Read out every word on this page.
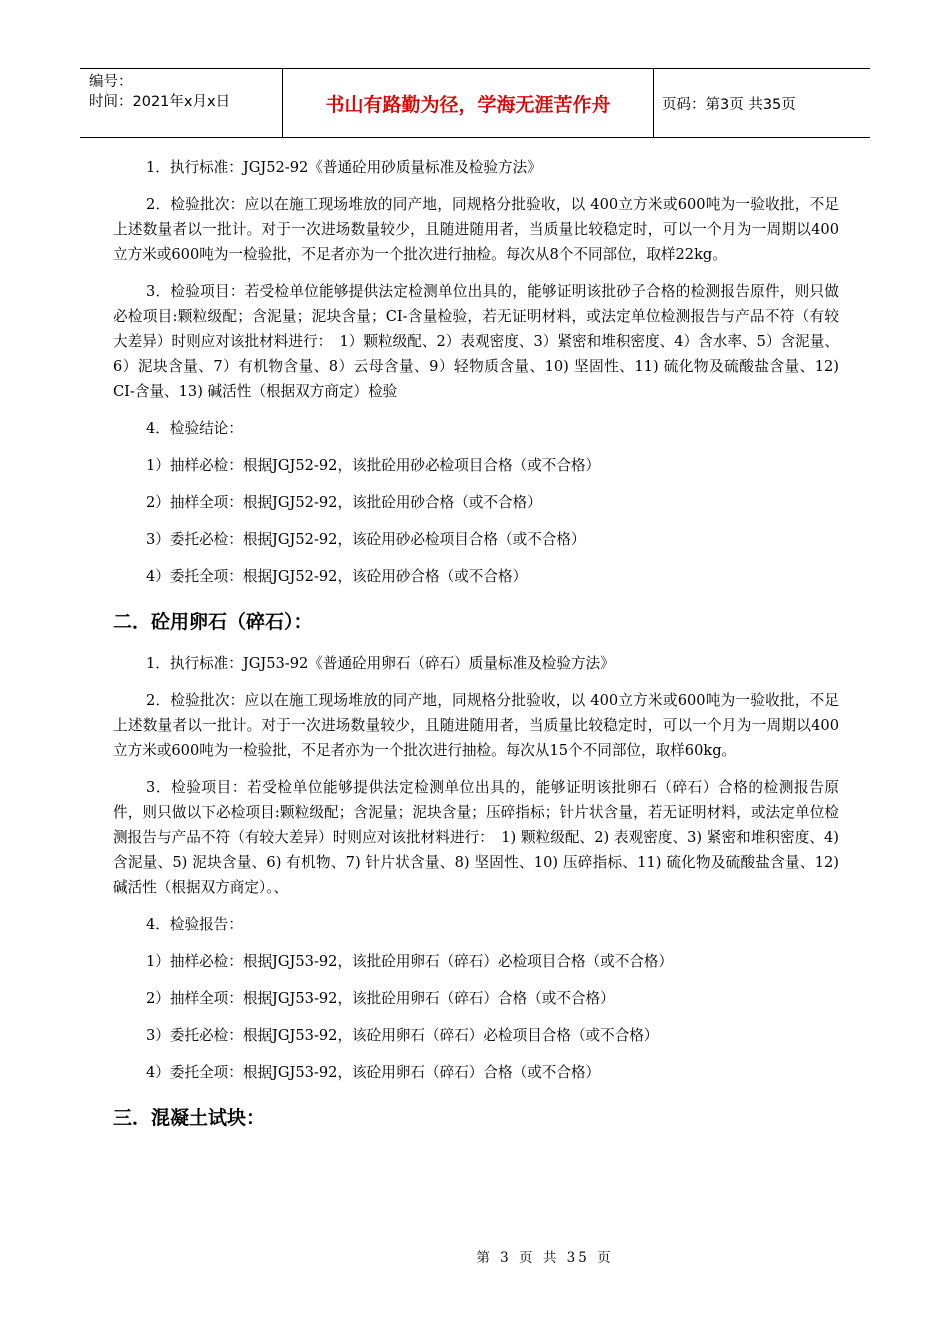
编号：
时间：2021年x月x日	书山有路勤为径，学海无涯苦作舟	页码：第3页 共35页

1．执行标准：JGJ52-92《普通砼用砂质量标准及检验方法》

2．检验批次：应以在施工现场堆放的同产地，同规格分批验收，以 400立方米或600吨为一验收批，不足上述数量者以一批计。对于一次进场数量较少，且随进随用者，当质量比较稳定时，可以一个月为一周期以400立方米或600吨为一检验批，不足者亦为一个批次进行抽检。每次从8个不同部位，取样22kg。

3．检验项目：若受检单位能够提供法定检测单位出具的，能够证明该批砂子合格的检测报告原件，则只做必检项目:颗粒级配；含泥量；泥块含量；CI-含量检验，若无证明材料，或法定单位检测报告与产品不符（有较大差异）时则应对该批材料进行：　1）颗粒级配、2）表观密度、3）紧密和堆积密度、4）含水率、5）含泥量、6）泥块含量、7）有机物含量、8）云母含量、9）轻物质含量、10) 坚固性、11) 硫化物及硫酸盐含量、12) CI-含量、13) 碱活性（根据双方商定）检验

4．检验结论：

1）抽样必检：根据JGJ52-92，该批砼用砂必检项目合格（或不合格）

2）抽样全项：根据JGJ52-92，该批砼用砂合格（或不合格）

3）委托必检：根据JGJ52-92，该砼用砂必检项目合格（或不合格）

4）委托全项：根据JGJ52-92，该砼用砂合格（或不合格）

二．砼用卵石（碎石）：

1．执行标准：JGJ53-92《普通砼用卵石（碎石）质量标准及检验方法》

2．检验批次：应以在施工现场堆放的同产地，同规格分批验收，以 400立方米或600吨为一验收批，不足上述数量者以一批计。对于一次进场数量较少，且随进随用者，当质量比较稳定时，可以一个月为一周期以400立方米或600吨为一检验批，不足者亦为一个批次进行抽检。每次从15个不同部位，取样60kg。

3．检验项目：若受检单位能够提供法定检测单位出具的，能够证明该批卵石（碎石）合格的检测报告原件，则只做以下必检项目:颗粒级配；含泥量；泥块含量；压碎指标；针片状含量，若无证明材料，或法定单位检测报告与产品不符（有较大差异）时则应对该批材料进行：　1) 颗粒级配、2) 表观密度、3) 紧密和堆积密度、4) 含泥量、5) 泥块含量、6) 有机物、7) 针片状含量、8) 坚固性、10) 压碎指标、11) 硫化物及硫酸盐含量、12) 碱活性（根据双方商定）。、

4．检验报告：

1）抽样必检：根据JGJ53-92，该批砼用卵石（碎石）必检项目合格（或不合格）

2）抽样全项：根据JGJ53-92，该批砼用卵石（碎石）合格（或不合格）

3）委托必检：根据JGJ53-92，该砼用卵石（碎石）必检项目合格（或不合格）

4）委托全项：根据JGJ53-92，该砼用卵石（碎石）合格（或不合格）

三．混凝土试块：
第 3 页 共 35 页
